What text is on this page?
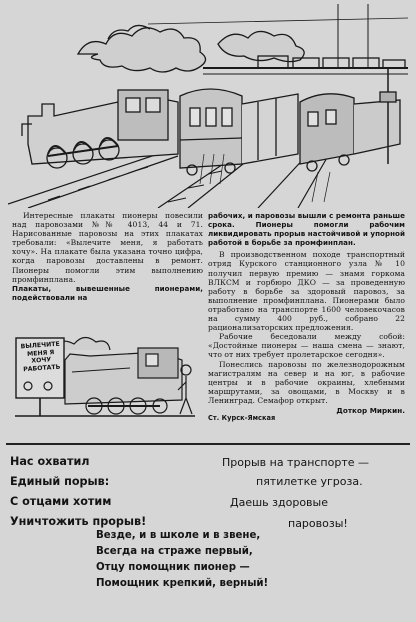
Интересные плакаты пионеры повесили над паровозами №№ 4013, 44 и 71. Нарисованные паровозы на этих плакатах требовали: «Вылечите меня, я работать хочу». На плакате была указана точно цифра, когда паровозы доставлены в ремонт. Пионеры помогли этим выполнению промфинплана.

Плакаты, вывешенные пионерами, подействовали на

рабочих, и паровозы вышли с ремонта раньше срока. Пионеры помогли рабочим ликвидировать прорыв настойчивой и упорной работой в борьбе за промфинплан.

В производственном походе транспортный отряд Курского станционного узла № 10 получил первую премию — знамя горкома ВЛКСМ и горбюро ДКО — за проведенную работу в борьбе за здоровый паровоз, за выполнение промфинплана. Пионерами было отработано на транспорте 1600 человекочасов на сумму 400 руб., собрано 22 рационализаторских предложения.

Рабочие беседовали между собой: «Достойные пионеры — наша смена — знают, что от них требует пролетарское сегодня».

Понеслись паровозы по железнодорожным магистралям на север и на юг, в рабочие центры и в рабочие окраины, хлебными маршрутами, за овощами, в Москву и в Ленинград. Семафор открыт.

ВЫЛЕЧИТЕ МЕНЯ Я ХОЧУ РАБОТАТЬ

Ст. Курск-Ямская

Доткор Миркин.

Нас охватил
Единый порыв:
С отцами хотим
Уничтожить прорыв!
Прорыв на транспорте —
пятилетке угроза.
Даешь здоровые
паровозы!
Везде, и в школе и в звене,
Всегда на страже первый,
Отцу помощник пионер —
Помощник крепкий, верный!
